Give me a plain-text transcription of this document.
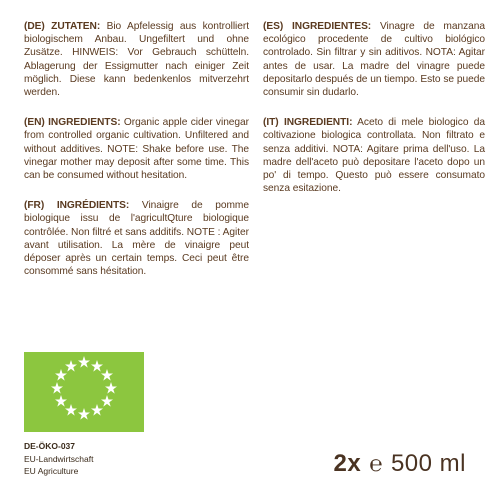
(DE) ZUTATEN: Bio Apfelessig aus kontrolliert biologischem Anbau. Ungefiltert und ohne Zusätze. HINWEIS: Vor Gebrauch schütteln. Ablagerung der Essigmutter nach einiger Zeit möglich. Diese kann bedenkenlos mitverzehrt werden.

(EN) INGREDIENTS: Organic apple cider vinegar from controlled organic cultivation. Unfiltered and without additives. NOTE: Shake before use. The vinegar mother may deposit after some time. This can be consumed without hesitation.

(FR) INGRÉDIENTS: Vinaigre de pomme biologique issu de l'agricultQture biologique contrôlée. Non filtré et sans additifs. NOTE : Agiter avant utilisation. La mère de vinaigre peut déposer après un certain temps. Ceci peut être consommé sans hésitation.

(ES) INGREDIENTES: Vinagre de manzana ecológico procedente de cultivo biológico controlado. Sin filtrar y sin aditivos. NOTA: Agitar antes de usar. La madre del vinagre puede depositarlo después de un tiempo. Esto se puede consumir sin dudarlo.

(IT) INGREDIENTI: Aceto di mele biologico da coltivazione biologica controllata. Non filtrato e senza additivi. NOTA: Agitare prima dell'uso. La madre dell'aceto può depositare l'aceto dopo un po' di tempo. Questo può essere consumato senza esitazione.

DE-ÖKO-037
EU-Landwirtschaft
EU Agriculture	2x ℮ 500 ml
